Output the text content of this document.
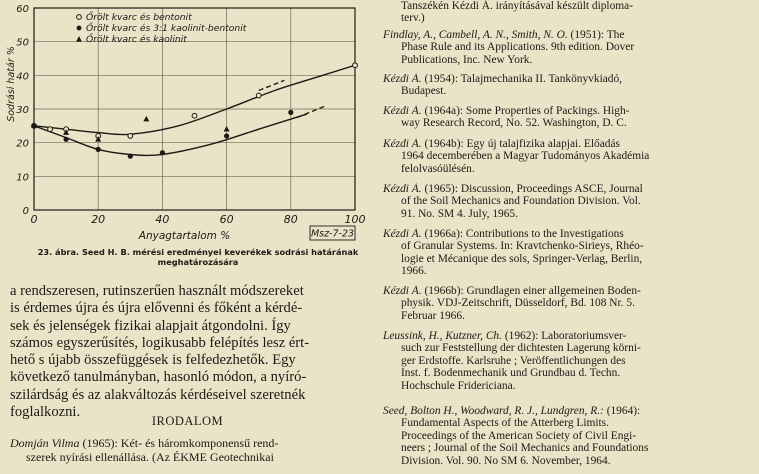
0	20	40	60	80	100
0
10
20
30
40
50
60
Anyagtartalom %
Sodrási határ %
Msz-7-23
Őrölt kvarc és bentonit
Őrölt kvarc és 3:1 kaolinit-bentonit
Őrölt kvarc és kaolinit
23. ábra. Seed H. B. mérési eredményei keverékek sodrási határának
meghatározására
a rendszeresen, rutinszerűen használt módszereket
is érdemes újra és újra elővenni és főként a kérdé-
sek és jelenségek fizikai alapjait átgondolni. Így
számos egyszerűsítés, logikusabb felépítés lesz ért-
hető s újabb összefüggések is felfedezhetők. Egy
következő tanulmányban, hasonló módon, a nyíró-
szilárdság és az alakváltozás kérdéseivel szeretnék
foglalkozni.
IRODALOM
Domján Vilma (1965): Két- és háromkomponensű rend-
szerek nyírási ellenállása. (Az ÉKME Geotechnikai
Tanszékén Kézdi Á. irányításával készült diploma-
terv.)
Findlay, A., Cambell, A. N., Smith, N. O. (1951): The
Phase Rule and its Applications. 9th edition. Dover
Publications, Inc. New York.
Kézdi Á. (1954): Talajmechanika II. Tankönyvkiadó,
Budapest.
Kézdi Á. (1964a): Some Properties of Packings. High-
way Research Record, No. 52. Washington, D. C.
Kézdi Á. (1964b): Egy új talajfizika alapjai. Előadás
1964 decemberében a Magyar Tudományos Akadémia
felolvasóülésén.
Kézdi Á. (1965): Discussion, Proceedings ASCE, Journal
of the Soil Mechanics and Foundation Division. Vol.
91. No. SM 4. July, 1965.
Kézdi Á. (1966a): Contributions to the Investigations
of Granular Systems. In: Kravtchenko-Sirieys, Rhéo-
logie et Mécanique des sols, Springer-Verlag, Berlin,
1966.
Kézdi Á. (1966b): Grundlagen einer allgemeinen Boden-
physik. VDJ-Zeitschrift, Düsseldorf, Bd. 108 Nr. 5.
Februar 1966.
Leussink, H., Kutzner, Ch. (1962): Laboratoriumsver-
such zur Feststellung der dichtesten Lagerung körni-
ger Erdstoffe. Karlsruhe ; Veröffentlichungen des
Inst. f. Bodenmechanik und Grundbau d. Techn.
Hochschule Fridericiana.
Seed, Bolton H., Woodward, R. J., Lundgren, R.: (1964):
Fundamental Aspects of the Atterberg Limits.
Proceedings of the American Society of Civil Engi-
neers ; Journal of the Soil Mechanics and Foundations
Division. Vol. 90. No SM 6. November, 1964.
